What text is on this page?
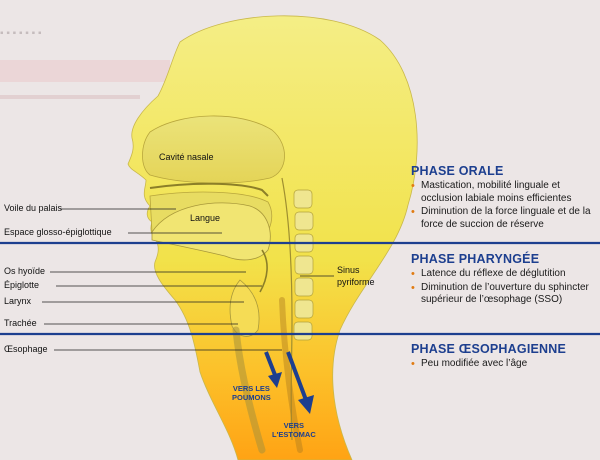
▪ ▪ ▪ ▪ ▪ ▪ ▪
Cavité nasale
Voile du palais
Langue
Espace glosso-épiglottique
Os hyoïde
Épiglotte
Larynx
Trachée
Œsophage
Sinus
pyriforme
VERS LES
POUMONS
VERS
L'ESTOMAC
PHASE ORALE
• Mastication, mobilité linguale et occlusion labiale moins efficientes
• Diminution de la force linguale et de la force de succion de réserve
PHASE PHARYNGÉE
• Latence du réflexe de déglutition
• Diminution de l’ouverture du sphincter supérieur de l’œsophage (SSO)
PHASE ŒSOPHAGIENNE
• Peu modifiée avec l’âge
